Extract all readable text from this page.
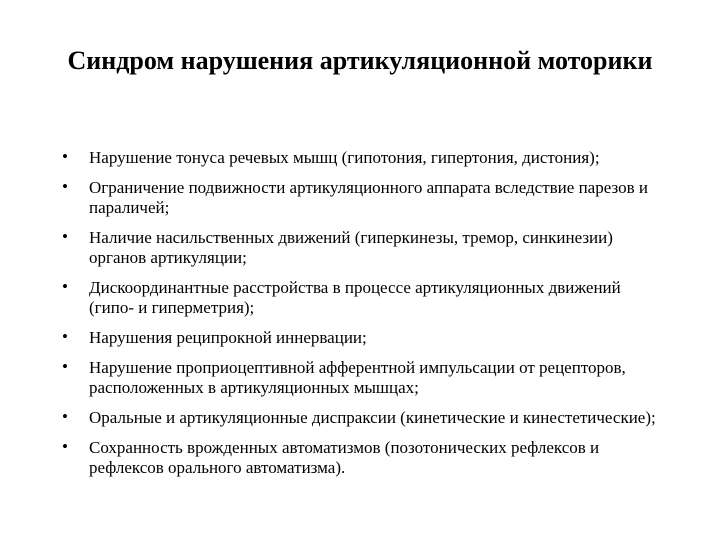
Синдром нарушения артикуляционной моторики
• Нарушение тонуса речевых мышц (гипотония, гипертония, дистония);
• Ограничение подвижности артикуляционного аппарата вследствие парезов и параличей;
• Наличие насильственных движений (гиперкинезы, тремор, синкинезии) органов артикуляции;
• Дискоординантные расстройства в процессе артикуляционных движений (гипо- и гиперметрия);
• Нарушения реципрокной иннервации;
• Нарушение проприоцептивной афферентной импульсации от рецепторов, расположенных в артикуляционных мышцах;
• Оральные и артикуляционные диспраксии (кинетические и кинестетические);
• Сохранность врожденных автоматизмов (позотонических рефлексов и рефлексов орального автоматизма).
